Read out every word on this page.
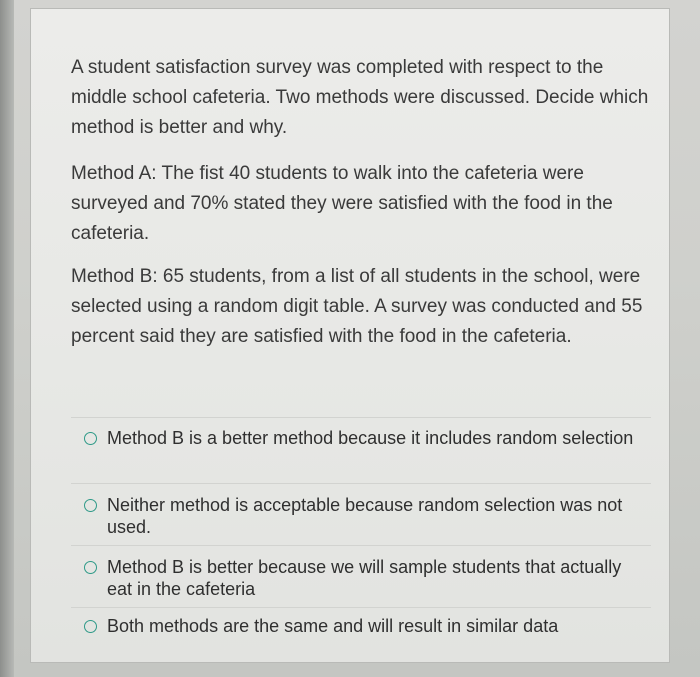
A student satisfaction survey was completed with respect to the middle school cafeteria. Two methods were discussed. Decide which method is better and why.

Method A: The fist 40 students to walk into the cafeteria were surveyed and 70% stated they were satisfied with the food in the cafeteria.

Method B: 65 students, from a list of all students in the school, were selected using a random digit table. A survey was conducted and 55 percent said they are satisfied with the food in the cafeteria.

Method B is a better method because it includes random selection
Neither method is acceptable because random selection was not used.
Method B is better because we will sample students that actually eat in the cafeteria
Both methods are the same and will result in similar data
